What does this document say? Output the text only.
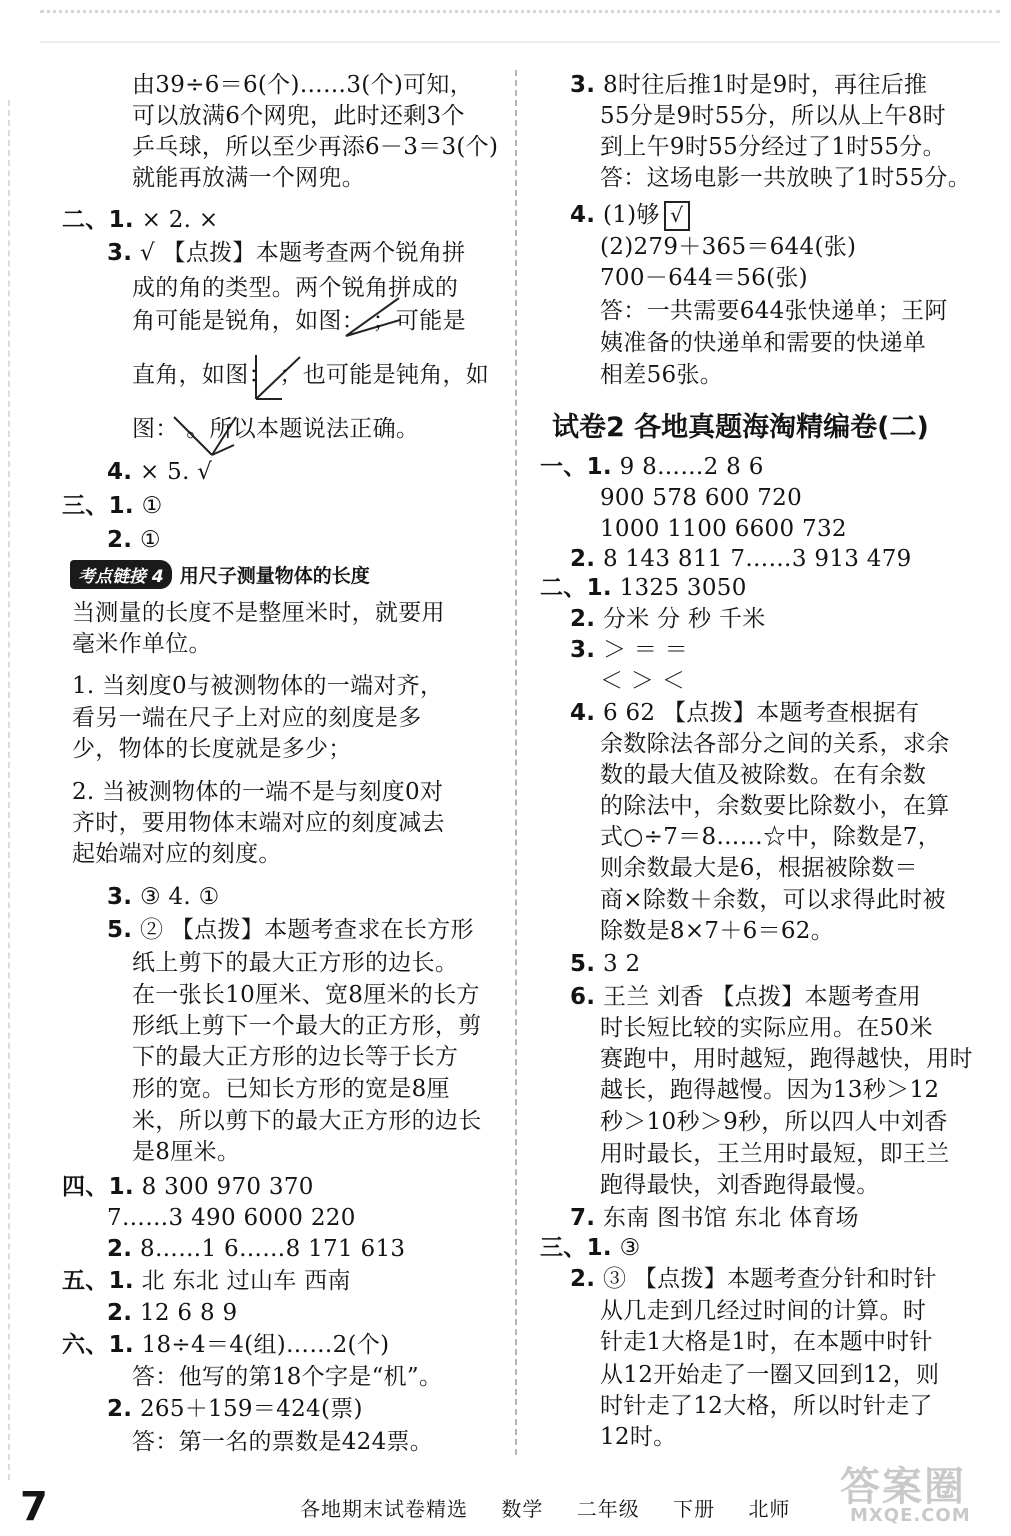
考点链接 4 用尺子测量物体的长度
由39÷6＝6(个)……3(个)可知，
可以放满6个网兜，此时还剩3个
乒乓球，所以至少再添6－3＝3(个)
就能再放满一个网兜。
二、1. × 2. ×
3. √ 【点拨】本题考查两个锐角拼
成的角的类型。两个锐角拼成的
角可能是锐角，如图： ；可能是
直角，如图： ；也可能是钝角，如
图： 。所以本题说法正确。
4. × 5. √
三、1. ①
2. ①
当测量的长度不是整厘米时，就要用
毫米作单位。
1. 当刻度0与被测物体的一端对齐，
看另一端在尺子上对应的刻度是多
少，物体的长度就是多少；
2. 当被测物体的一端不是与刻度0对
齐时，要用物体末端对应的刻度减去
起始端对应的刻度。
3. ③ 4. ①
5. ② 【点拨】本题考查求在长方形
纸上剪下的最大正方形的边长。
在一张长10厘米、宽8厘米的长方
形纸上剪下一个最大的正方形，剪
下的最大正方形的边长等于长方
形的宽。已知长方形的宽是8厘
米，所以剪下的最大正方形的边长
是8厘米。
四、1. 8 300 970 370
7……3 490 6000 220
2. 8……1 6……8 171 613
五、1. 北 东北 过山车 西南
2. 12 6 8 9
六、1. 18÷4＝4(组)……2(个)
答：他写的第18个字是“机”。
2. 265＋159＝424(票)
答：第一名的票数是424票。
试卷2 各地真题海淘精编卷(二)
3. 8时往后推1时是9时，再往后推
55分是9时55分，所以从上午8时
到上午9时55分经过了1时55分。
答：这场电影一共放映了1时55分。
4. (1)够 √
(2)279＋365＝644(张)
700－644＝56(张)
答：一共需要644张快递单；王阿
姨准备的快递单和需要的快递单
相差56张。
一、1. 9 8……2 8 6
900 578 600 720
1000 1100 6600 732
2. 8 143 811 7……3 913 479
二、1. 1325 3050
2. 分米 分 秒 千米
3. ＞ ＝ ＝
＜ ＞ ＜
4. 6 62 【点拨】本题考查根据有
余数除法各部分之间的关系，求余
数的最大值及被除数。在有余数
的除法中，余数要比除数小，在算
式○÷7＝8……☆中，除数是7，
则余数最大是6，根据被除数＝
商×除数＋余数，可以求得此时被
除数是8×7＋6＝62。
5. 3 2
6. 王兰 刘香 【点拨】本题考查用
时长短比较的实际应用。在50米
赛跑中，用时越短，跑得越快，用时
越长，跑得越慢。因为13秒＞12
秒＞10秒＞9秒，所以四人中刘香
用时最长，王兰用时最短，即王兰
跑得最快，刘香跑得最慢。
7. 东南 图书馆 东北 体育场
三、1. ③
2. ③ 【点拨】本题考查分针和时针
从几走到几经过时间的计算。时
针走1大格是1时，在本题中时针
从12开始走了一圈又回到12，则
时针走了12大格，所以时针走了
12时。
7	各地期末试卷精选 数学 二年级 下册 北师	答案圈
MXQE.COM
